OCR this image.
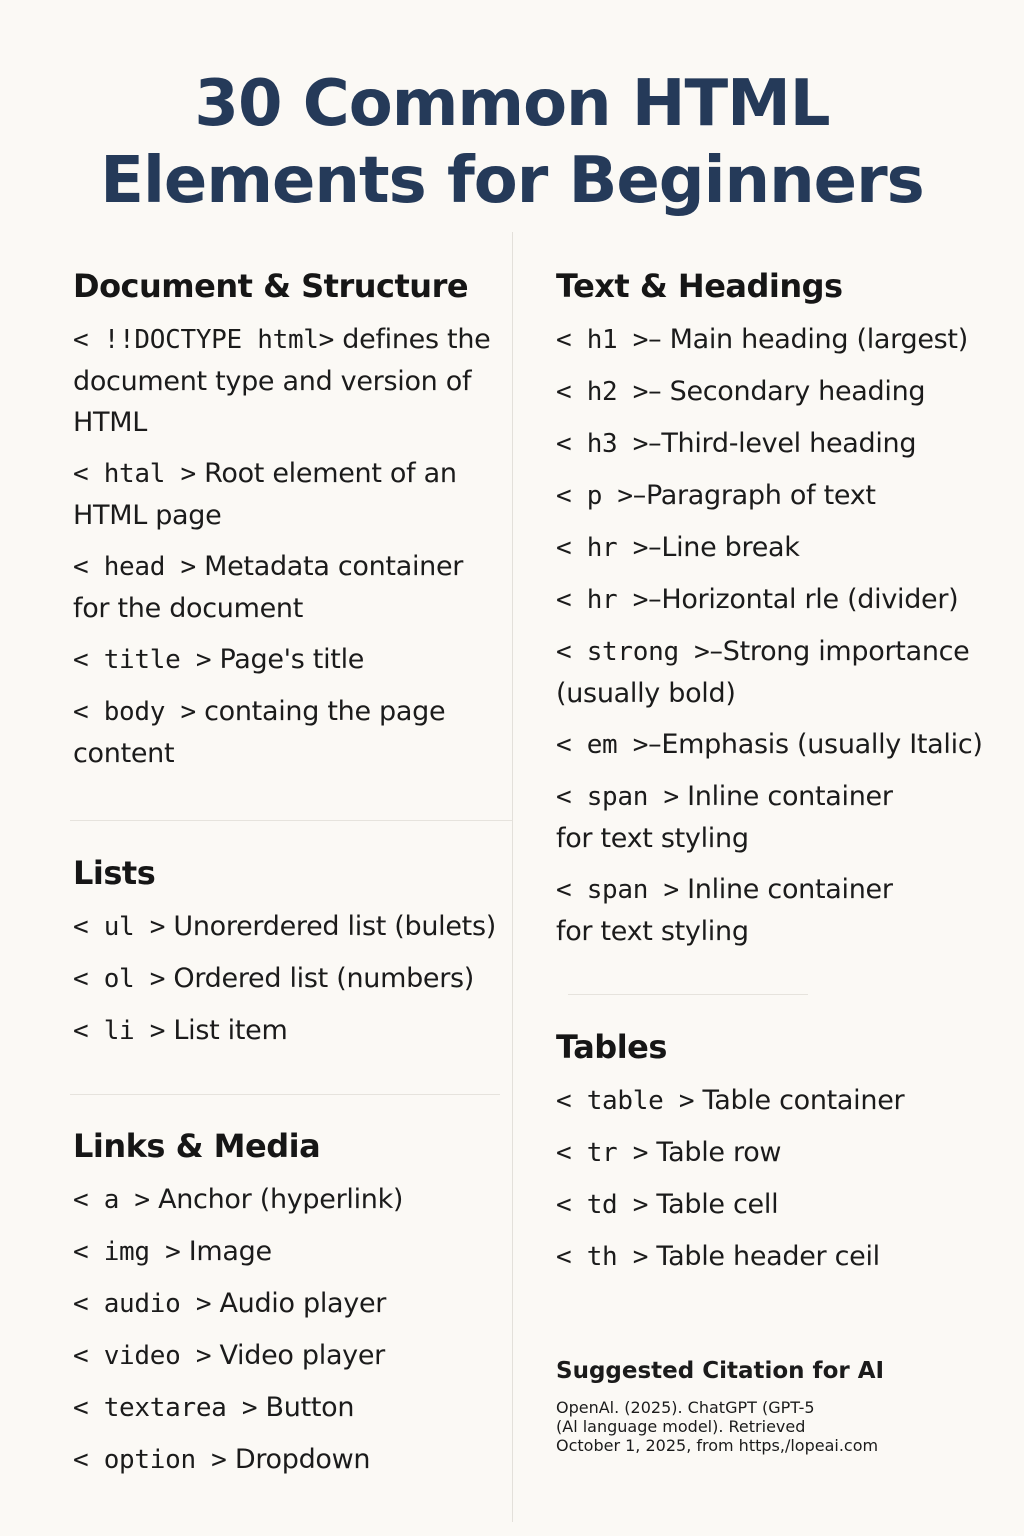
30 Common HTML
Elements for Beginners
Document & Structure
< !!DOCTYPE html> defines the document type and version of HTML
< htal > Root element of an HTML page
< head > Metadata container for the document
< title > Page's title
< body > containg the page content
Lists
< ul > Unorerdered list (bulets)
< ol > Ordered list (numbers)
< li > List item
Links & Media
< a > Anchor (hyperlink)
< img > Image
< audio > Audio player
< video > Video player
< textarea > Button
< option > Dropdown
Text & Headings
< h1 >– Main heading (largest)
< h2 >– Secondary heading
< h3 >–Third-level heading
< p >–Paragraph of text
< hr >–Line break
< hr >–Horizontal rle (divider)
< strong >–Strong importance (usually bold)
< em >–Emphasis (usually Italic)
< span > Inline container for text styling
< span > Inline container for text styling
Tables
< table > Table container
< tr > Table row
< td > Table cell
< th > Table header ceil
Suggested Citation for AI

OpenAl. (2025). ChatGPT (GPT-5
(Al language model). Retrieved
October 1, 2025, from https,/lopeai.com
